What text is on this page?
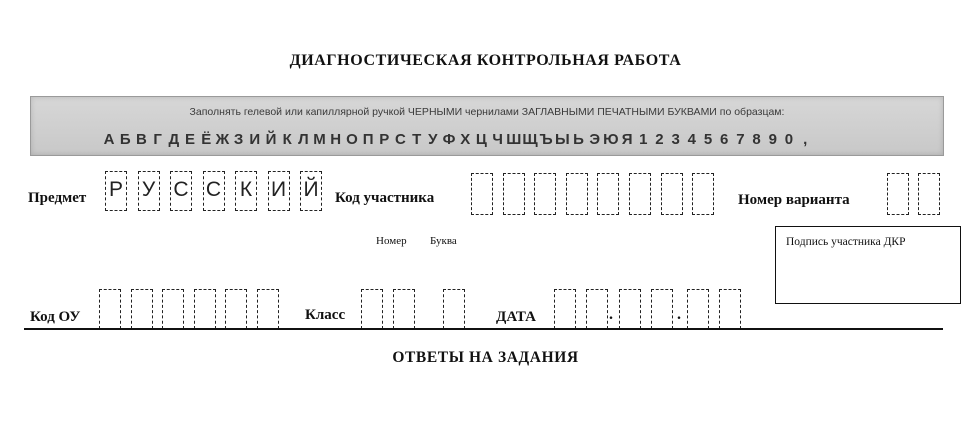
ДИАГНОСТИЧЕСКАЯ КОНТРОЛЬНАЯ РАБОТА
Заполнять гелевой или капиллярной ручкой ЧЕРНЫМИ чернилами ЗАГЛАВНЫМИ ПЕЧАТНЫМИ БУКВАМИ по образцам:
А Б В Г Д Е Ё Ж З И Й К Л М Н О П Р С Т У Ф Х Ц Ч Ш Щ Ъ Ы Ь Э Ю Я 1 2 3 4 5 6 7 8 9 0 ,
Предмет Р У С С К И Й Код участника	Номер варианта
Номер Буква	Подпись участника ДКР
Код ОУ	Класс	ДАТА	.	.
ОТВЕТЫ НА ЗАДАНИЯ
